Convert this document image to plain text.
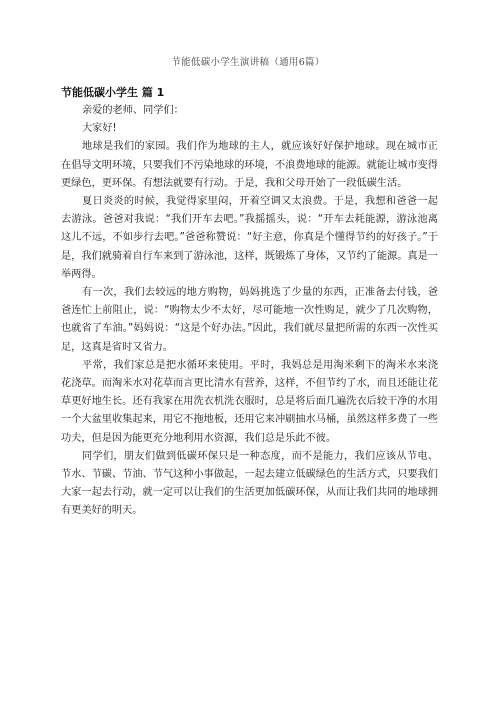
节能低碳小学生演讲稿（通用6篇）
节能低碳小学生 篇 1

亲爱的老师、同学们：

大家好!

地球是我们的家园。我们作为地球的主人，就应该好好保护地球。现在城市正在倡导文明环境，只要我们不污染地球的环境，不浪费地球的能源。就能让城市变得更绿色，更环保。有想法就要有行动。于是，我和父母开始了一段低碳生活。

夏日炎炎的时候，我觉得家里闷，开着空调又太浪费。于是，我想和爸爸一起去游泳。爸爸对我说：“我们开车去吧。”我摇摇头，说：“开车去耗能源，游泳池离这儿不远，不如步行去吧。”爸爸称赞说：“好主意，你真是个懂得节约的好孩子。”于是，我们就骑着自行车来到了游泳池，这样，既锻炼了身体，又节约了能源。真是一举两得。

有一次，我们去较远的地方购物，妈妈挑选了少量的东西，正准备去付钱，爸爸连忙上前阻止，说：“购物太少不太好，尽可能地一次性购足，就少了几次购物，也就省了车油。”妈妈说：“这是个好办法。”因此，我们就尽量把所需的东西一次性买足，这真是省时又省力。

平常，我们家总是把水循环来使用。平时，我妈总是用淘米剩下的淘米水来浇花浇草。而淘米水对花草而言更比清水有营养，这样，不但节约了水，而且还能让花草更好地生长。还有我家在用洗衣机洗衣服时，总是将后面几遍洗衣后较干净的水用一个大盆里收集起来，用它不拖地板，还用它来冲刷抽水马桶，虽然这样多费了一些功夫，但是因为能更充分地利用水资源，我们总是乐此不彼。

同学们，朋友们做到低碳环保只是一种态度，而不是能力，我们应该从节电、节水、节碳、节油、节气这种小事做起，一起去建立低碳绿色的生活方式，只要我们大家一起去行动，就一定可以让我们的生活更加低碳环保，从而让我们共同的地球拥有更美好的明天。
